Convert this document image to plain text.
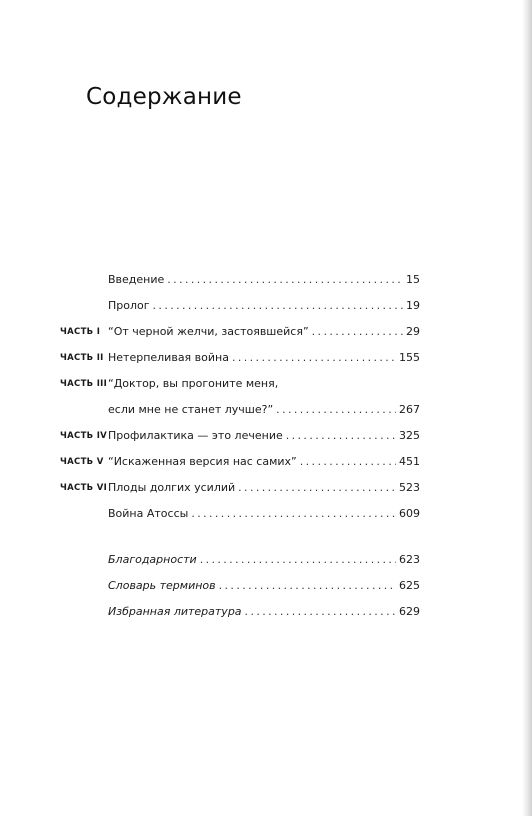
Содержание
Введение .....	15
Пролог .....	19
ЧАСТЬ I “От черной желчи, застоявшейся” .....	29
ЧАСТЬ II Нетерпеливая война .....	155
ЧАСТЬ III “Доктор, вы прогоните меня,
если мне не станет лучше?” .....	267
ЧАСТЬ IV Профилактика — это лечение .....	325
ЧАСТЬ V “Искаженная версия нас самих” .....	451
ЧАСТЬ VI Плоды долгих усилий .....	523
Война Атоссы .....	609
Благодарности .....	623
Словарь терминов .....	625
Избранная литература .....	629
